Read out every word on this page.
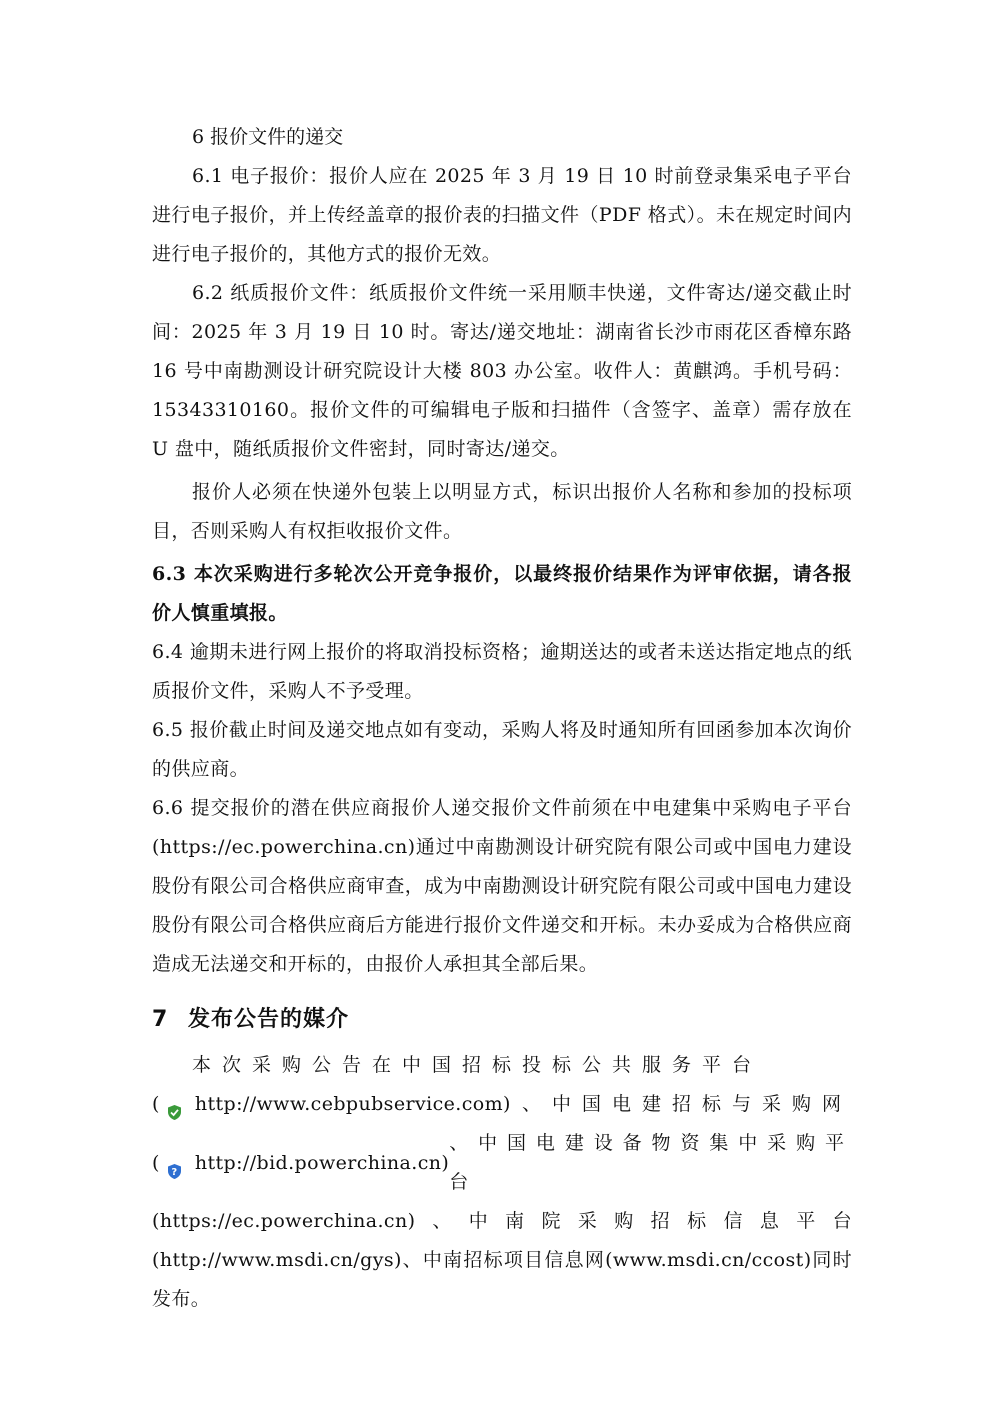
6 报价文件的递交

6.1 电子报价：报价人应在 2025 年 3 月 19 日 10 时前登录集采电子平台进行电子报价，并上传经盖章的报价表的扫描文件（PDF 格式）。未在规定时间内进行电子报价的，其他方式的报价无效。

6.2 纸质报价文件：纸质报价文件统一采用顺丰快递，文件寄达/递交截止时间：2025 年 3 月 19 日 10 时。寄达/递交地址：湖南省长沙市雨花区香樟东路 16 号中南勘测设计研究院设计大楼 803 办公室。收件人：黄麒鸿。手机号码：15343310160。报价文件的可编辑电子版和扫描件（含签字、盖章）需存放在 U 盘中，随纸质报价文件密封，同时寄达/递交。

报价人必须在快递外包装上以明显方式，标识出报价人名称和参加的投标项目，否则采购人有权拒收报价文件。

6.3 本次采购进行多轮次公开竞争报价，以最终报价结果作为评审依据，请各报价人慎重填报。

6.4 逾期未进行网上报价的将取消投标资格；逾期送达的或者未送达指定地点的纸质报价文件，采购人不予受理。

6.5 报价截止时间及递交地点如有变动，采购人将及时通知所有回函参加本次询价的供应商。

6.6 提交报价的潜在供应商报价人递交报价文件前须在中电建集中采购电子平台(https://ec.powerchina.cn)通过中南勘测设计研究院有限公司或中国电力建设股份有限公司合格供应商审查，成为中南勘测设计研究院有限公司或中国电力建设股份有限公司合格供应商后方能进行报价文件递交和开标。未办妥成为合格供应商造成无法递交和开标的，由报价人承担其全部后果。

7 发布公告的媒介

本次采购公告在中国招标投标公共服务平台

( http://www.cebpubservice.com) 、中国电建招标与采购网

( ? http://bid.powerchina.cn)
、中国电建设备物资集中采购平台

(https://ec.powerchina.cn)、中南院采购招标信息平台(http://www.msdi.cn/gys)、中南招标项目信息网(www.msdi.cn/ccost)同时发布。
